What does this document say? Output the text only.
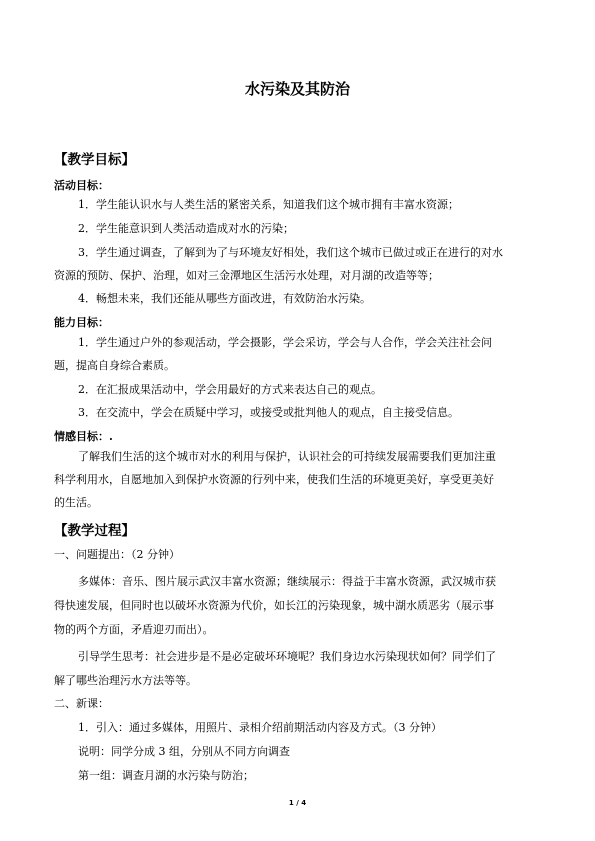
水污染及其防治
【教学目标】
活动目标：
1．学生能认识水与人类生活的紧密关系，知道我们这个城市拥有丰富水资源；
2．学生能意识到人类活动造成对水的污染；
3．学生通过调查，了解到为了与环境友好相处，我们这个城市已做过或正在进行的对水
资源的预防、保护、治理，如对三金潭地区生活污水处理，对月湖的改造等等；
4．畅想未来，我们还能从哪些方面改进，有效防治水污染。
能力目标：
1．学生通过户外的参观活动，学会摄影，学会采访，学会与人合作，学会关注社会问
题，提高自身综合素质。
2．在汇报成果活动中，学会用最好的方式来表达自己的观点。
3．在交流中，学会在质疑中学习，或接受或批判他人的观点，自主接受信息。
情感目标：.
了解我们生活的这个城市对水的利用与保护，认识社会的可持续发展需要我们更加注重
科学利用水，自愿地加入到保护水资源的行列中来，使我们生活的环境更美好，享受更美好
的生活。
【教学过程】
一、问题提出：（2 分钟）
多媒体：音乐、图片展示武汉丰富水资源；继续展示：得益于丰富水资源，武汉城市获
得快速发展，但同时也以破坏水资源为代价，如长江的污染现象，城中湖水质恶劣（展示事
物的两个方面，矛盾迎刃而出）。
引导学生思考：社会进步是不是必定破坏环境呢？我们身边水污染现状如何？同学们了
解了哪些治理污水方法等等。
二、新课：
1．引入：通过多媒体，用照片、录相介绍前期活动内容及方式。（3 分钟）
说明：同学分成 3 组，分别从不同方向调查
第一组：调查月湖的水污染与防治；
1 / 4
